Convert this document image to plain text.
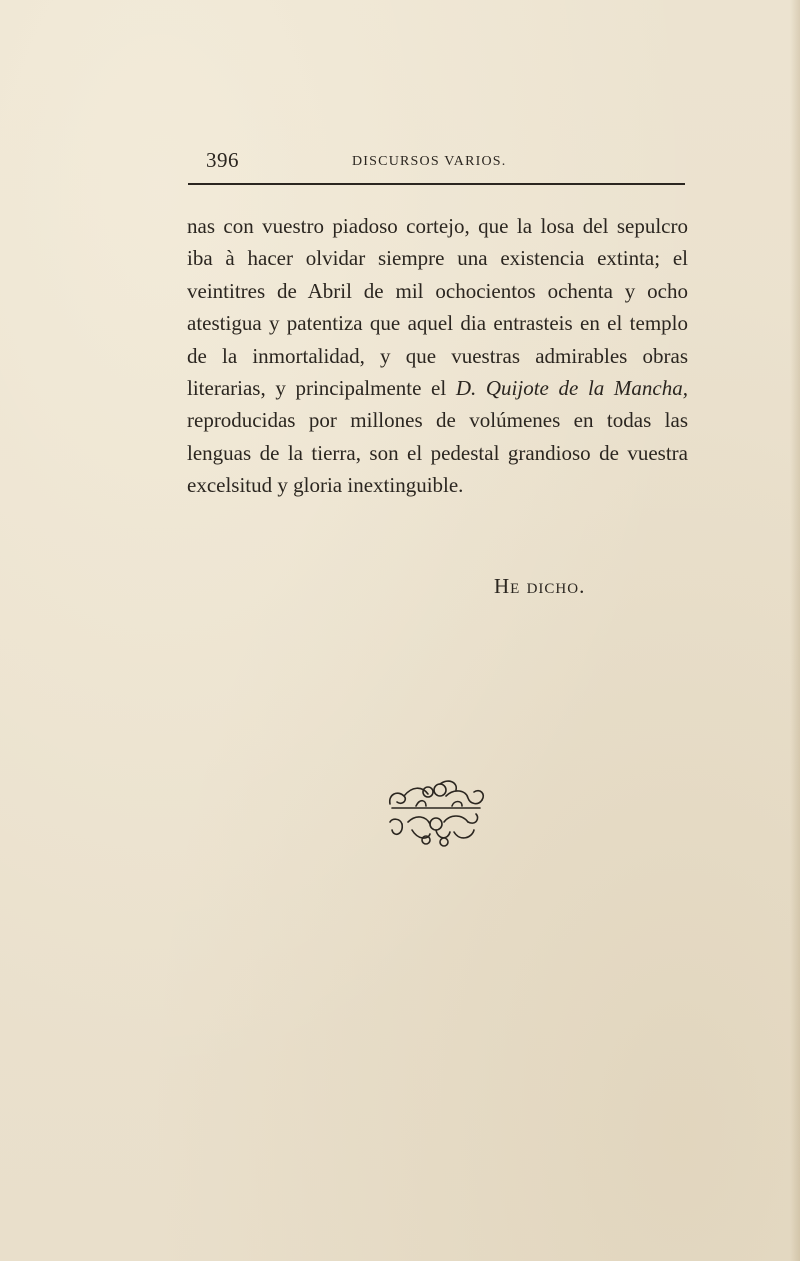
396	DISCURSOS VARIOS.

nas con vuestro piadoso cortejo, que la losa del sepulcro iba à hacer olvidar siempre una existencia extinta; el veintitres de Abril de mil ochocientos ochenta y ocho atestigua y patentiza que aquel dia entrasteis en el templo de la inmortalidad, y que vuestras admirables obras literarias, y principalmente el D. Quijote de la Mancha, reproducidas por millones de volúmenes en todas las lenguas de la tierra, son el pedestal grandioso de vuestra excelsitud y gloria inextinguible.

He dicho.
